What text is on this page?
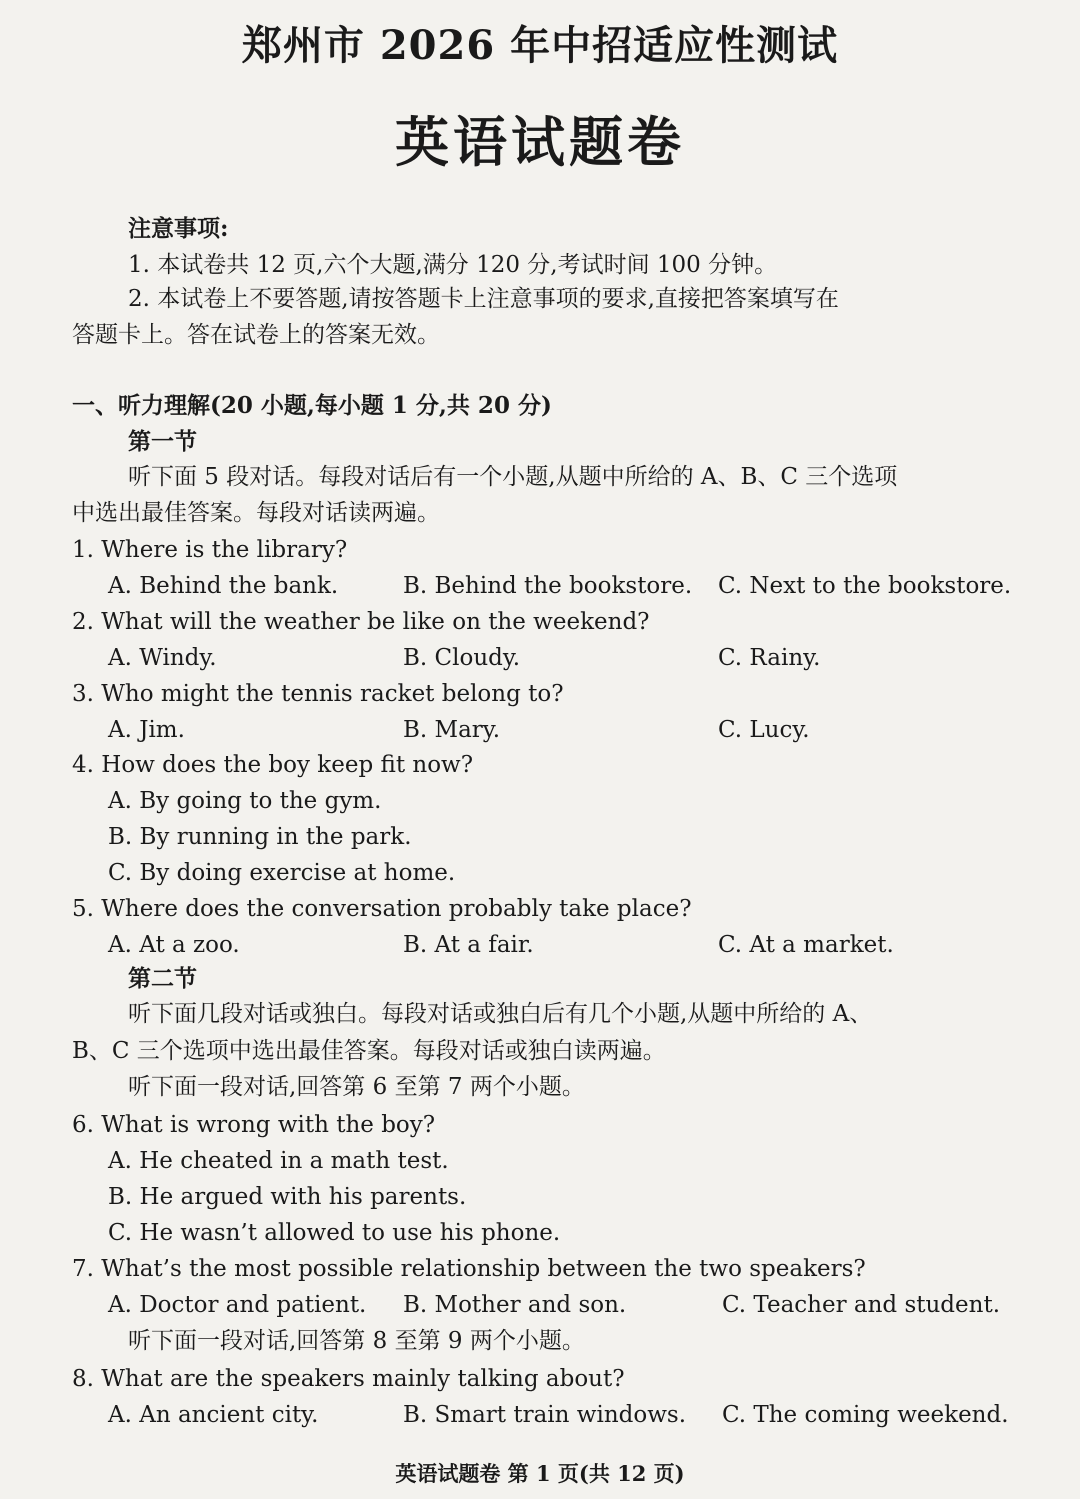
郑州市 2026 年中招适应性测试
英语试题卷
注意事项:
1. 本试卷共 12 页,六个大题,满分 120 分,考试时间 100 分钟。
2. 本试卷上不要答题,请按答题卡上注意事项的要求,直接把答案填写在
答题卡上。答在试卷上的答案无效。
一、听力理解(20 小题,每小题 1 分,共 20 分)
第一节
听下面 5 段对话。每段对话后有一个小题,从题中所给的 A、B、C 三个选项
中选出最佳答案。每段对话读两遍。
1. Where is the library?
A. Behind the bank.	B. Behind the bookstore. C. Next to the bookstore.
2. What will the weather be like on the weekend?
A. Windy.	B. Cloudy.	C. Rainy.
3. Who might the tennis racket belong to?
A. Jim.	B. Mary.	C. Lucy.
4. How does the boy keep fit now?
A. By going to the gym.
B. By running in the park.
C. By doing exercise at home.
5. Where does the conversation probably take place?
A. At a zoo.	B. At a fair.	C. At a market.
第二节
听下面几段对话或独白。每段对话或独白后有几个小题,从题中所给的 A、
B、C 三个选项中选出最佳答案。每段对话或独白读两遍。
听下面一段对话,回答第 6 至第 7 两个小题。
6. What is wrong with the boy?
A. He cheated in a math test.
B. He argued with his parents.
C. He wasn’t allowed to use his phone.
7. What’s the most possible relationship between the two speakers?
A. Doctor and patient. B. Mother and son.	C. Teacher and student.
听下面一段对话,回答第 8 至第 9 两个小题。
8. What are the speakers mainly talking about?
A. An ancient city.	B. Smart train windows. C. The coming weekend.
英语试题卷 第 1 页(共 12 页)
